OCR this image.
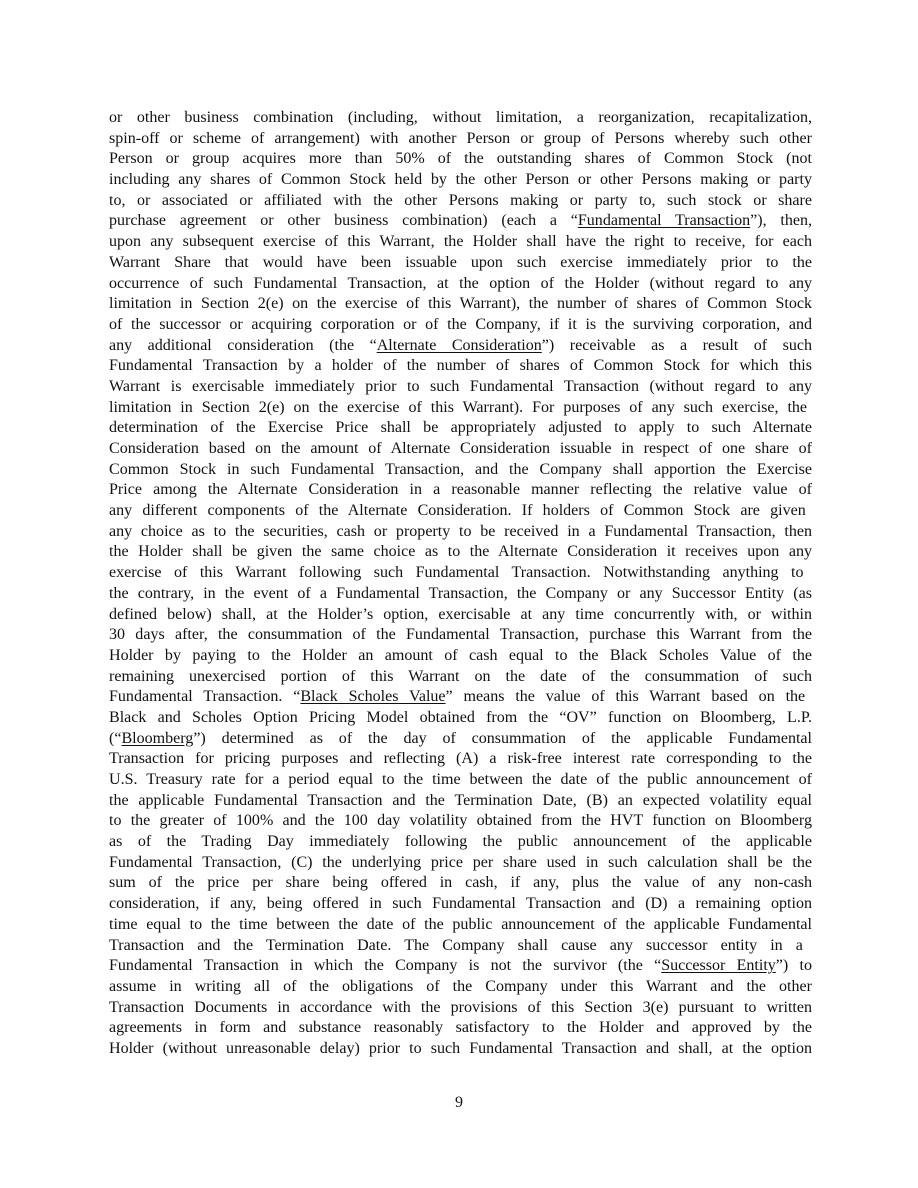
or other business combination (including, without limitation, a reorganization, recapitalization,
spin-off or scheme of arrangement) with another Person or group of Persons whereby such other
Person or group acquires more than 50% of the outstanding shares of Common Stock (not
including any shares of Common Stock held by the other Person or other Persons making or party
to, or associated or affiliated with the other Persons making or party to, such stock or share
purchase agreement or other business combination) (each a “Fundamental Transaction”), then,
upon any subsequent exercise of this Warrant, the Holder shall have the right to receive, for each
Warrant Share that would have been issuable upon such exercise immediately prior to the
occurrence of such Fundamental Transaction, at the option of the Holder (without regard to any
limitation in Section 2(e) on the exercise of this Warrant), the number of shares of Common Stock
of the successor or acquiring corporation or of the Company, if it is the surviving corporation, and
any additional consideration (the “Alternate Consideration”) receivable as a result of such
Fundamental Transaction by a holder of the number of shares of Common Stock for which this
Warrant is exercisable immediately prior to such Fundamental Transaction (without regard to any
limitation in Section 2(e) on the exercise of this Warrant). For purposes of any such exercise, the
determination of the Exercise Price shall be appropriately adjusted to apply to such Alternate
Consideration based on the amount of Alternate Consideration issuable in respect of one share of
Common Stock in such Fundamental Transaction, and the Company shall apportion the Exercise
Price among the Alternate Consideration in a reasonable manner reflecting the relative value of
any different components of the Alternate Consideration. If holders of Common Stock are given
any choice as to the securities, cash or property to be received in a Fundamental Transaction, then
the Holder shall be given the same choice as to the Alternate Consideration it receives upon any
exercise of this Warrant following such Fundamental Transaction. Notwithstanding anything to
the contrary, in the event of a Fundamental Transaction, the Company or any Successor Entity (as
defined below) shall, at the Holder’s option, exercisable at any time concurrently with, or within
30 days after, the consummation of the Fundamental Transaction, purchase this Warrant from the
Holder by paying to the Holder an amount of cash equal to the Black Scholes Value of the
remaining unexercised portion of this Warrant on the date of the consummation of such
Fundamental Transaction. “Black Scholes Value” means the value of this Warrant based on the
Black and Scholes Option Pricing Model obtained from the “OV” function on Bloomberg, L.P.
(“Bloomberg”) determined as of the day of consummation of the applicable Fundamental
Transaction for pricing purposes and reflecting (A) a risk-free interest rate corresponding to the
U.S. Treasury rate for a period equal to the time between the date of the public announcement of
the applicable Fundamental Transaction and the Termination Date, (B) an expected volatility equal
to the greater of 100% and the 100 day volatility obtained from the HVT function on Bloomberg
as of the Trading Day immediately following the public announcement of the applicable
Fundamental Transaction, (C) the underlying price per share used in such calculation shall be the
sum of the price per share being offered in cash, if any, plus the value of any non-cash
consideration, if any, being offered in such Fundamental Transaction and (D) a remaining option
time equal to the time between the date of the public announcement of the applicable Fundamental
Transaction and the Termination Date. The Company shall cause any successor entity in a
Fundamental Transaction in which the Company is not the survivor (the “Successor Entity”) to
assume in writing all of the obligations of the Company under this Warrant and the other
Transaction Documents in accordance with the provisions of this Section 3(e) pursuant to written
agreements in form and substance reasonably satisfactory to the Holder and approved by the
Holder (without unreasonable delay) prior to such Fundamental Transaction and shall, at the option
9
